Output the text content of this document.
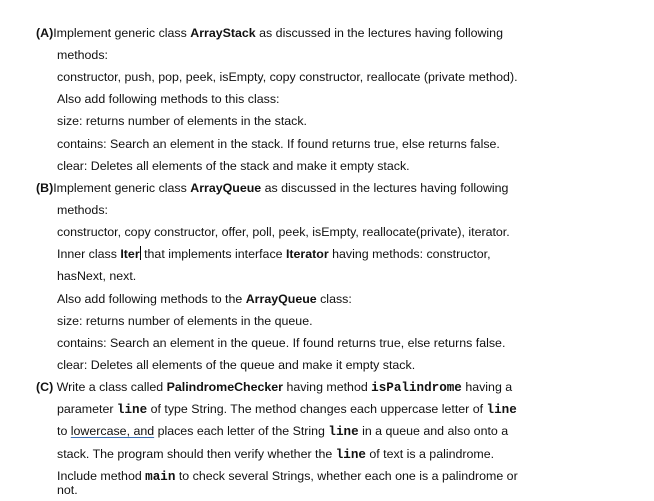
(A)Implement generic class ArrayStack as discussed in the lectures having following
methods:
constructor, push, pop, peek, isEmpty, copy constructor, reallocate (private method).
Also add following methods to this class:
size: returns number of elements in the stack.
contains: Search an element in the stack. If found returns true, else returns false.
clear: Deletes all elements of the stack and make it empty stack.
(B)Implement generic class ArrayQueue as discussed in the lectures having following
methods:
constructor, copy constructor, offer, poll, peek, isEmpty, reallocate(private), iterator.
Inner class Iter that implements interface Iterator having methods: constructor,
hasNext, next.
Also add following methods to the ArrayQueue class:
size: returns number of elements in the queue.
contains: Search an element in the queue. If found returns true, else returns false.
clear: Deletes all elements of the queue and make it empty stack.
(C) Write a class called PalindromeChecker having method isPalindrome having a
parameter line of type String. The method changes each uppercase letter of line
to lowercase, and places each letter of the String line in a queue and also onto a
stack. The program should then verify whether the line of text is a palindrome.
Include method main to check several Strings, whether each one is a palindrome or
not.
